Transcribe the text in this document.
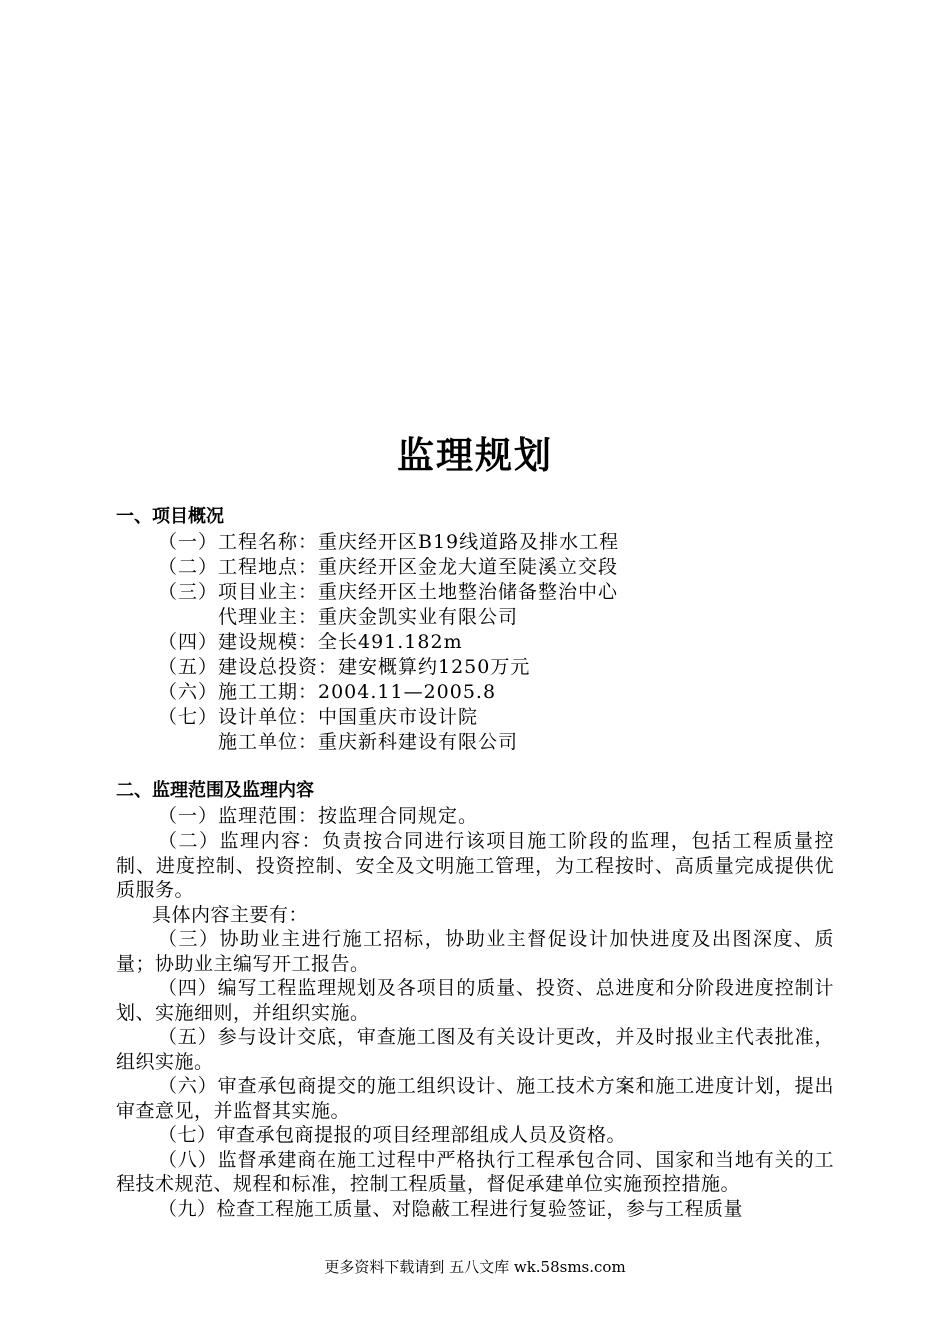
监理规划
一、项目概况
（一）工程名称：重庆经开区B19线道路及排水工程
（二）工程地点：重庆经开区金龙大道至陡溪立交段
（三）项目业主：重庆经开区土地整治储备整治中心
代理业主：重庆金凯实业有限公司
（四）建设规模：全长491.182m
（五）建设总投资：建安概算约1250万元
（六）施工工期：2004.11—2005.8
（七）设计单位：中国重庆市设计院
施工单位：重庆新科建设有限公司
二、监理范围及监理内容
（一）监理范围：按监理合同规定。

（二）监理内容：负责按合同进行该项目施工阶段的监理，包括工程质量控制、进度控制、投资控制、安全及文明施工管理，为工程按时、高质量完成提供优质服务。

具体内容主要有：

（三）协助业主进行施工招标，协助业主督促设计加快进度及出图深度、质量；协助业主编写开工报告。

（四）编写工程监理规划及各项目的质量、投资、总进度和分阶段进度控制计划、实施细则，并组织实施。

（五）参与设计交底，审查施工图及有关设计更改，并及时报业主代表批准，组织实施。

（六）审查承包商提交的施工组织设计、施工技术方案和施工进度计划，提出审查意见，并监督其实施。

（七）审查承包商提报的项目经理部组成人员及资格。

（八）监督承建商在施工过程中严格执行工程承包合同、国家和当地有关的工程技术规范、规程和标准，控制工程质量，督促承建单位实施预控措施。

（九）检查工程施工质量、对隐蔽工程进行复验签证，参与工程质量

更多资料下载请到 五八文库 wk.58sms.com
